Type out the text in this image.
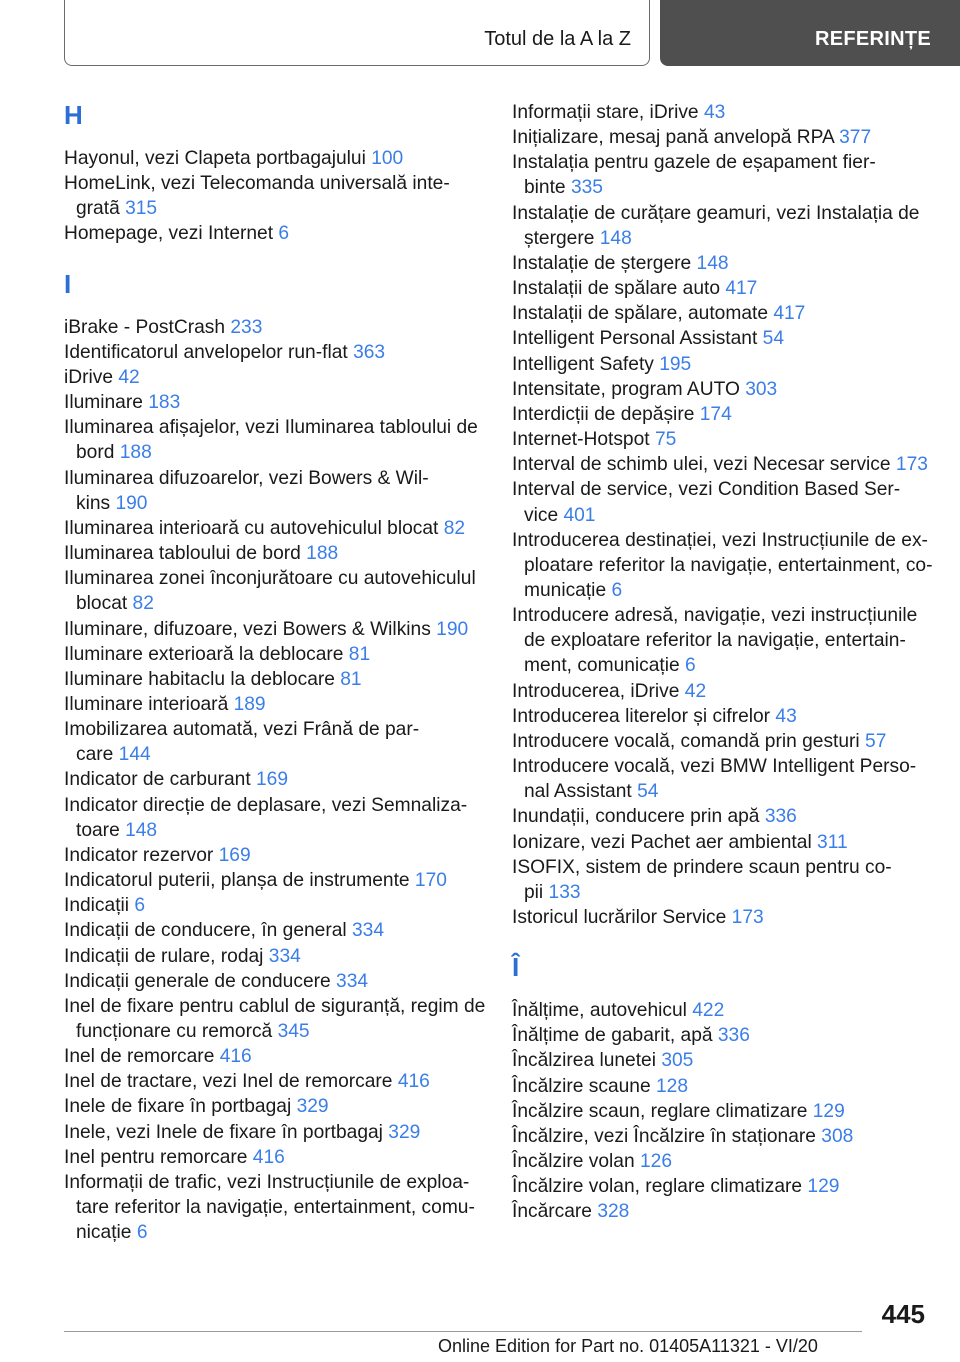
Totul de la A la Z	REFERINȚE
H
Hayonul, vezi Clapeta portbagajului 100
HomeLink, vezi Telecomanda universală inte‐
gratã 315
Homepage, vezi Internet 6
I
iBrake - PostCrash 233
Identificatorul anvelopelor run-flat 363
iDrive 42
Iluminare 183
Iluminarea afișajelor, vezi Iluminarea tabloului de
bord 188
Iluminarea difuzoarelor, vezi Bowers & Wil‐
kins 190
Iluminarea interioară cu autovehiculul blocat 82
Iluminarea tabloului de bord 188
Iluminarea zonei înconjurătoare cu autovehiculul
blocat 82
Iluminare, difuzoare, vezi Bowers & Wilkins 190
Iluminare exterioară la deblocare 81
Iluminare habitaclu la deblocare 81
Iluminare interioară 189
Imobilizarea automată, vezi Frână de par‐
care 144
Indicator de carburant 169
Indicator direcție de deplasare, vezi Semnaliza‐
toare 148
Indicator rezervor 169
Indicatorul puterii, planșa de instrumente 170
Indicații 6
Indicații de conducere, în general 334
Indicații de rulare, rodaj 334
Indicații generale de conducere 334
Inel de fixare pentru cablul de siguranță, regim de
funcționare cu remorcă 345
Inel de remorcare 416
Inel de tractare, vezi Inel de remorcare 416
Inele de fixare în portbagaj 329
Inele, vezi Inele de fixare în portbagaj 329
Inel pentru remorcare 416
Informații de trafic, vezi Instrucțiunile de exploa‐
tare referitor la navigație, entertainment, comu‐
nicație 6
Informații stare, iDrive 43
Inițializare, mesaj pană anvelopă RPA 377
Instalația pentru gazele de eșapament fier‐
binte 335
Instalație de curățare geamuri, vezi Instalația de
ștergere 148
Instalație de ștergere 148
Instalații de spălare auto 417
Instalații de spălare, automate 417
Intelligent Personal Assistant 54
Intelligent Safety 195
Intensitate, program AUTO 303
Interdicții de depășire 174
Internet-Hotspot 75
Interval de schimb ulei, vezi Necesar service 173
Interval de service, vezi Condition Based Ser‐
vice 401
Introducerea destinației, vezi Instrucțiunile de ex‐
ploatare referitor la navigație, entertainment, co‐
municație 6
Introducere adresă, navigație, vezi instrucțiunile
de exploatare referitor la navigație, entertain‐
ment, comunicație 6
Introducerea, iDrive 42
Introducerea literelor și cifrelor 43
Introducere vocală, comandă prin gesturi 57
Introducere vocală, vezi BMW Intelligent Perso‐
nal Assistant 54
Inundații, conducere prin apă 336
Ionizare, vezi Pachet aer ambiental 311
ISOFIX, sistem de prindere scaun pentru co‐
pii 133
Istoricul lucrărilor Service 173
Î
Înălțime, autovehicul 422
Înălțime de gabarit, apă 336
Încălzirea lunetei 305
Încălzire scaune 128
Încălzire scaun, reglare climatizare 129
Încălzire, vezi Încălzire în staționare 308
Încălzire volan 126
Încălzire volan, reglare climatizare 129
Încărcare 328
445
Online Edition for Part no. 01405A11321 - VI/20
